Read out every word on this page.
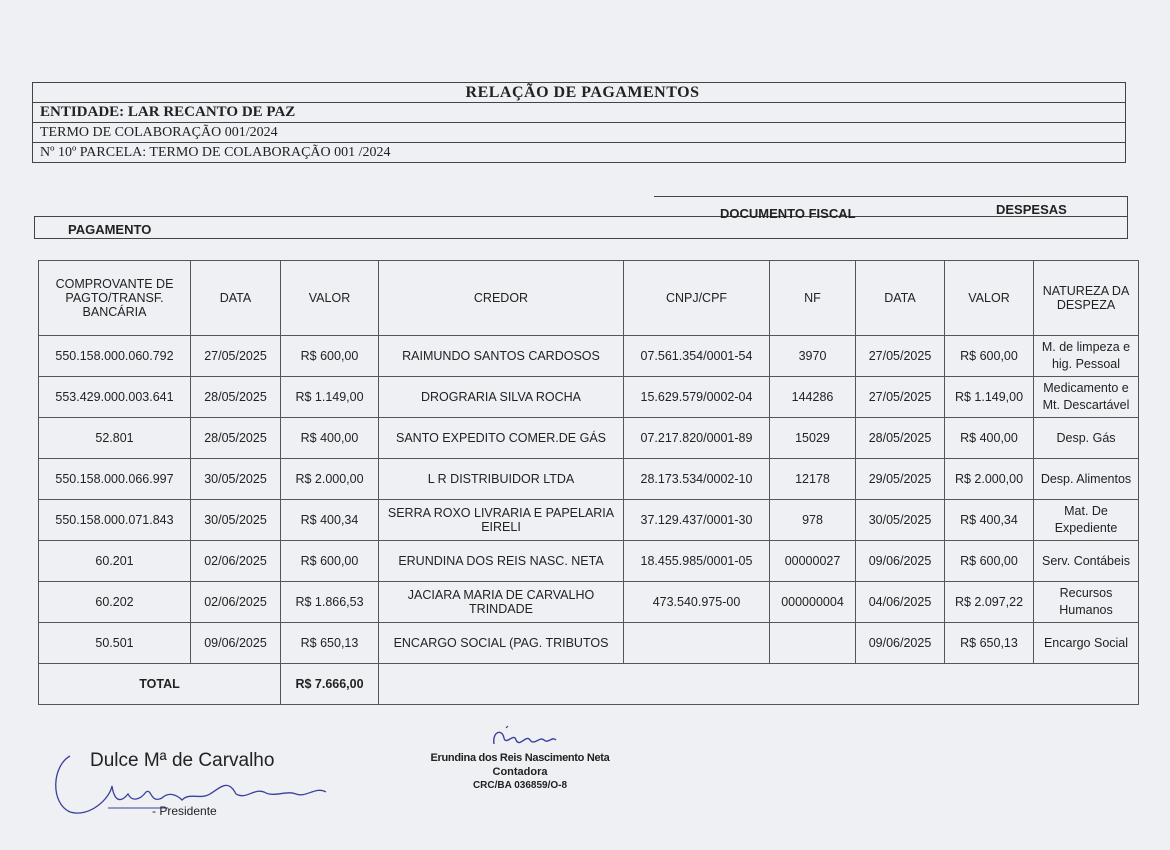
RELAÇÃO DE PAGAMENTOS
ENTIDADE: LAR RECANTO DE PAZ
TERMO DE COLABORAÇÃO 001/2024
Nº 10º PARCELA: TERMO DE COLABORAÇÃO 001 /2024
PAGAMENTO
DOCUMENTO FISCAL	DESPESAS
COMPROVANTE DE PAGTO/TRANSF. BANCÁRIA	DATA	VALOR	CREDOR	CNPJ/CPF	NF	DATA	VALOR	NATUREZA DA DESPEZA
550.158.000.060.792	27/05/2025	R$ 600,00	RAIMUNDO SANTOS CARDOSOS	07.561.354/0001-54	3970	27/05/2025	R$ 600,00	M. de limpeza e hig. Pessoal
553.429.000.003.641	28/05/2025	R$ 1.149,00	DROGRARIA SILVA ROCHA	15.629.579/0002-04	144286	27/05/2025	R$ 1.149,00	Medicamento e Mt. Descartável
52.801	28/05/2025	R$ 400,00	SANTO EXPEDITO COMER.DE GÁS	07.217.820/0001-89	15029	28/05/2025	R$ 400,00	Desp. Gás
550.158.000.066.997	30/05/2025	R$ 2.000,00	L R DISTRIBUIDOR LTDA	28.173.534/0002-10	12178	29/05/2025	R$ 2.000,00	Desp. Alimentos
550.158.000.071.843	30/05/2025	R$ 400,34	SERRA ROXO LIVRARIA E PAPELARIA EIRELI	37.129.437/0001-30	978	30/05/2025	R$ 400,34	Mat. De Expediente
60.201	02/06/2025	R$ 600,00	ERUNDINA DOS REIS NASC. NETA	18.455.985/0001-05	00000027	09/06/2025	R$ 600,00	Serv. Contábeis
60.202	02/06/2025	R$ 1.866,53	JACIARA MARIA DE CARVALHO TRINDADE	473.540.975-00	000000004	04/06/2025	R$ 2.097,22	Recursos Humanos
50.501	09/06/2025	R$ 650,13	ENCARGO SOCIAL (PAG. TRIBUTOS			09/06/2025	R$ 650,13	Encargo Social
TOTAL		R$ 7.666,00						
Dulce Mª de Carvalho
- Presidente
Erundina dos Reis Nascimento Neta
Contadora
CRC/BA 036859/O-8
